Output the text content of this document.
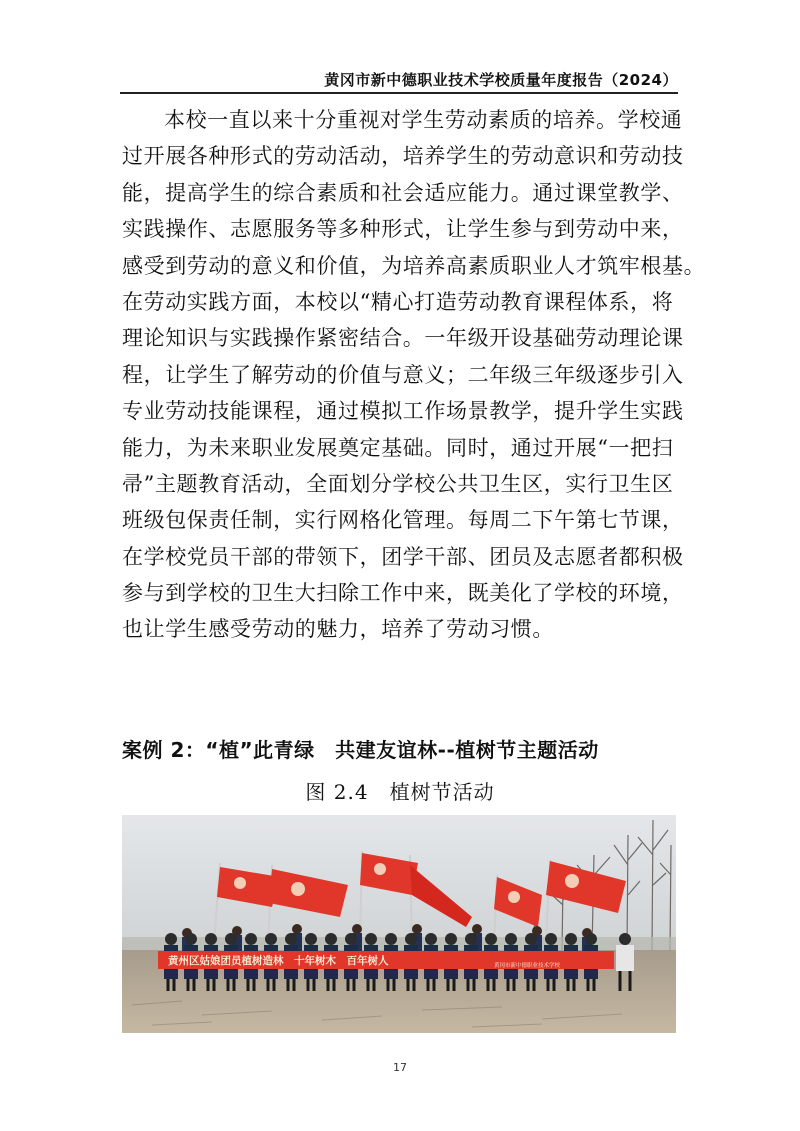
黄冈市新中德职业技术学校质量年度报告（2024）
本校一直以来十分重视对学生劳动素质的培养。学校通
过开展各种形式的劳动活动，培养学生的劳动意识和劳动技
能，提高学生的综合素质和社会适应能力。通过课堂教学、
实践操作、志愿服务等多种形式，让学生参与到劳动中来，
感受到劳动的意义和价值，为培养高素质职业人才筑牢根基。
在劳动实践方面，本校以“精心打造劳动教育课程体系，将
理论知识与实践操作紧密结合。一年级开设基础劳动理论课
程，让学生了解劳动的价值与意义；二年级三年级逐步引入
专业劳动技能课程，通过模拟工作场景教学，提升学生实践
能力，为未来职业发展奠定基础。同时，通过开展“一把扫
帚”主题教育活动，全面划分学校公共卫生区，实行卫生区
班级包保责任制，实行网格化管理。每周二下午第七节课，
在学校党员干部的带领下，团学干部、团员及志愿者都积极
参与到学校的卫生大扫除工作中来，既美化了学校的环境，
也让学生感受劳动的魅力，培养了劳动习惯。
案例 2：“植”此青绿　共建友谊林--植树节主题活动
图 2.4　植树节活动
黄州区姑娘团员植树造林　十年树木　百年树人	黄冈市新中德职业技术学校
17
